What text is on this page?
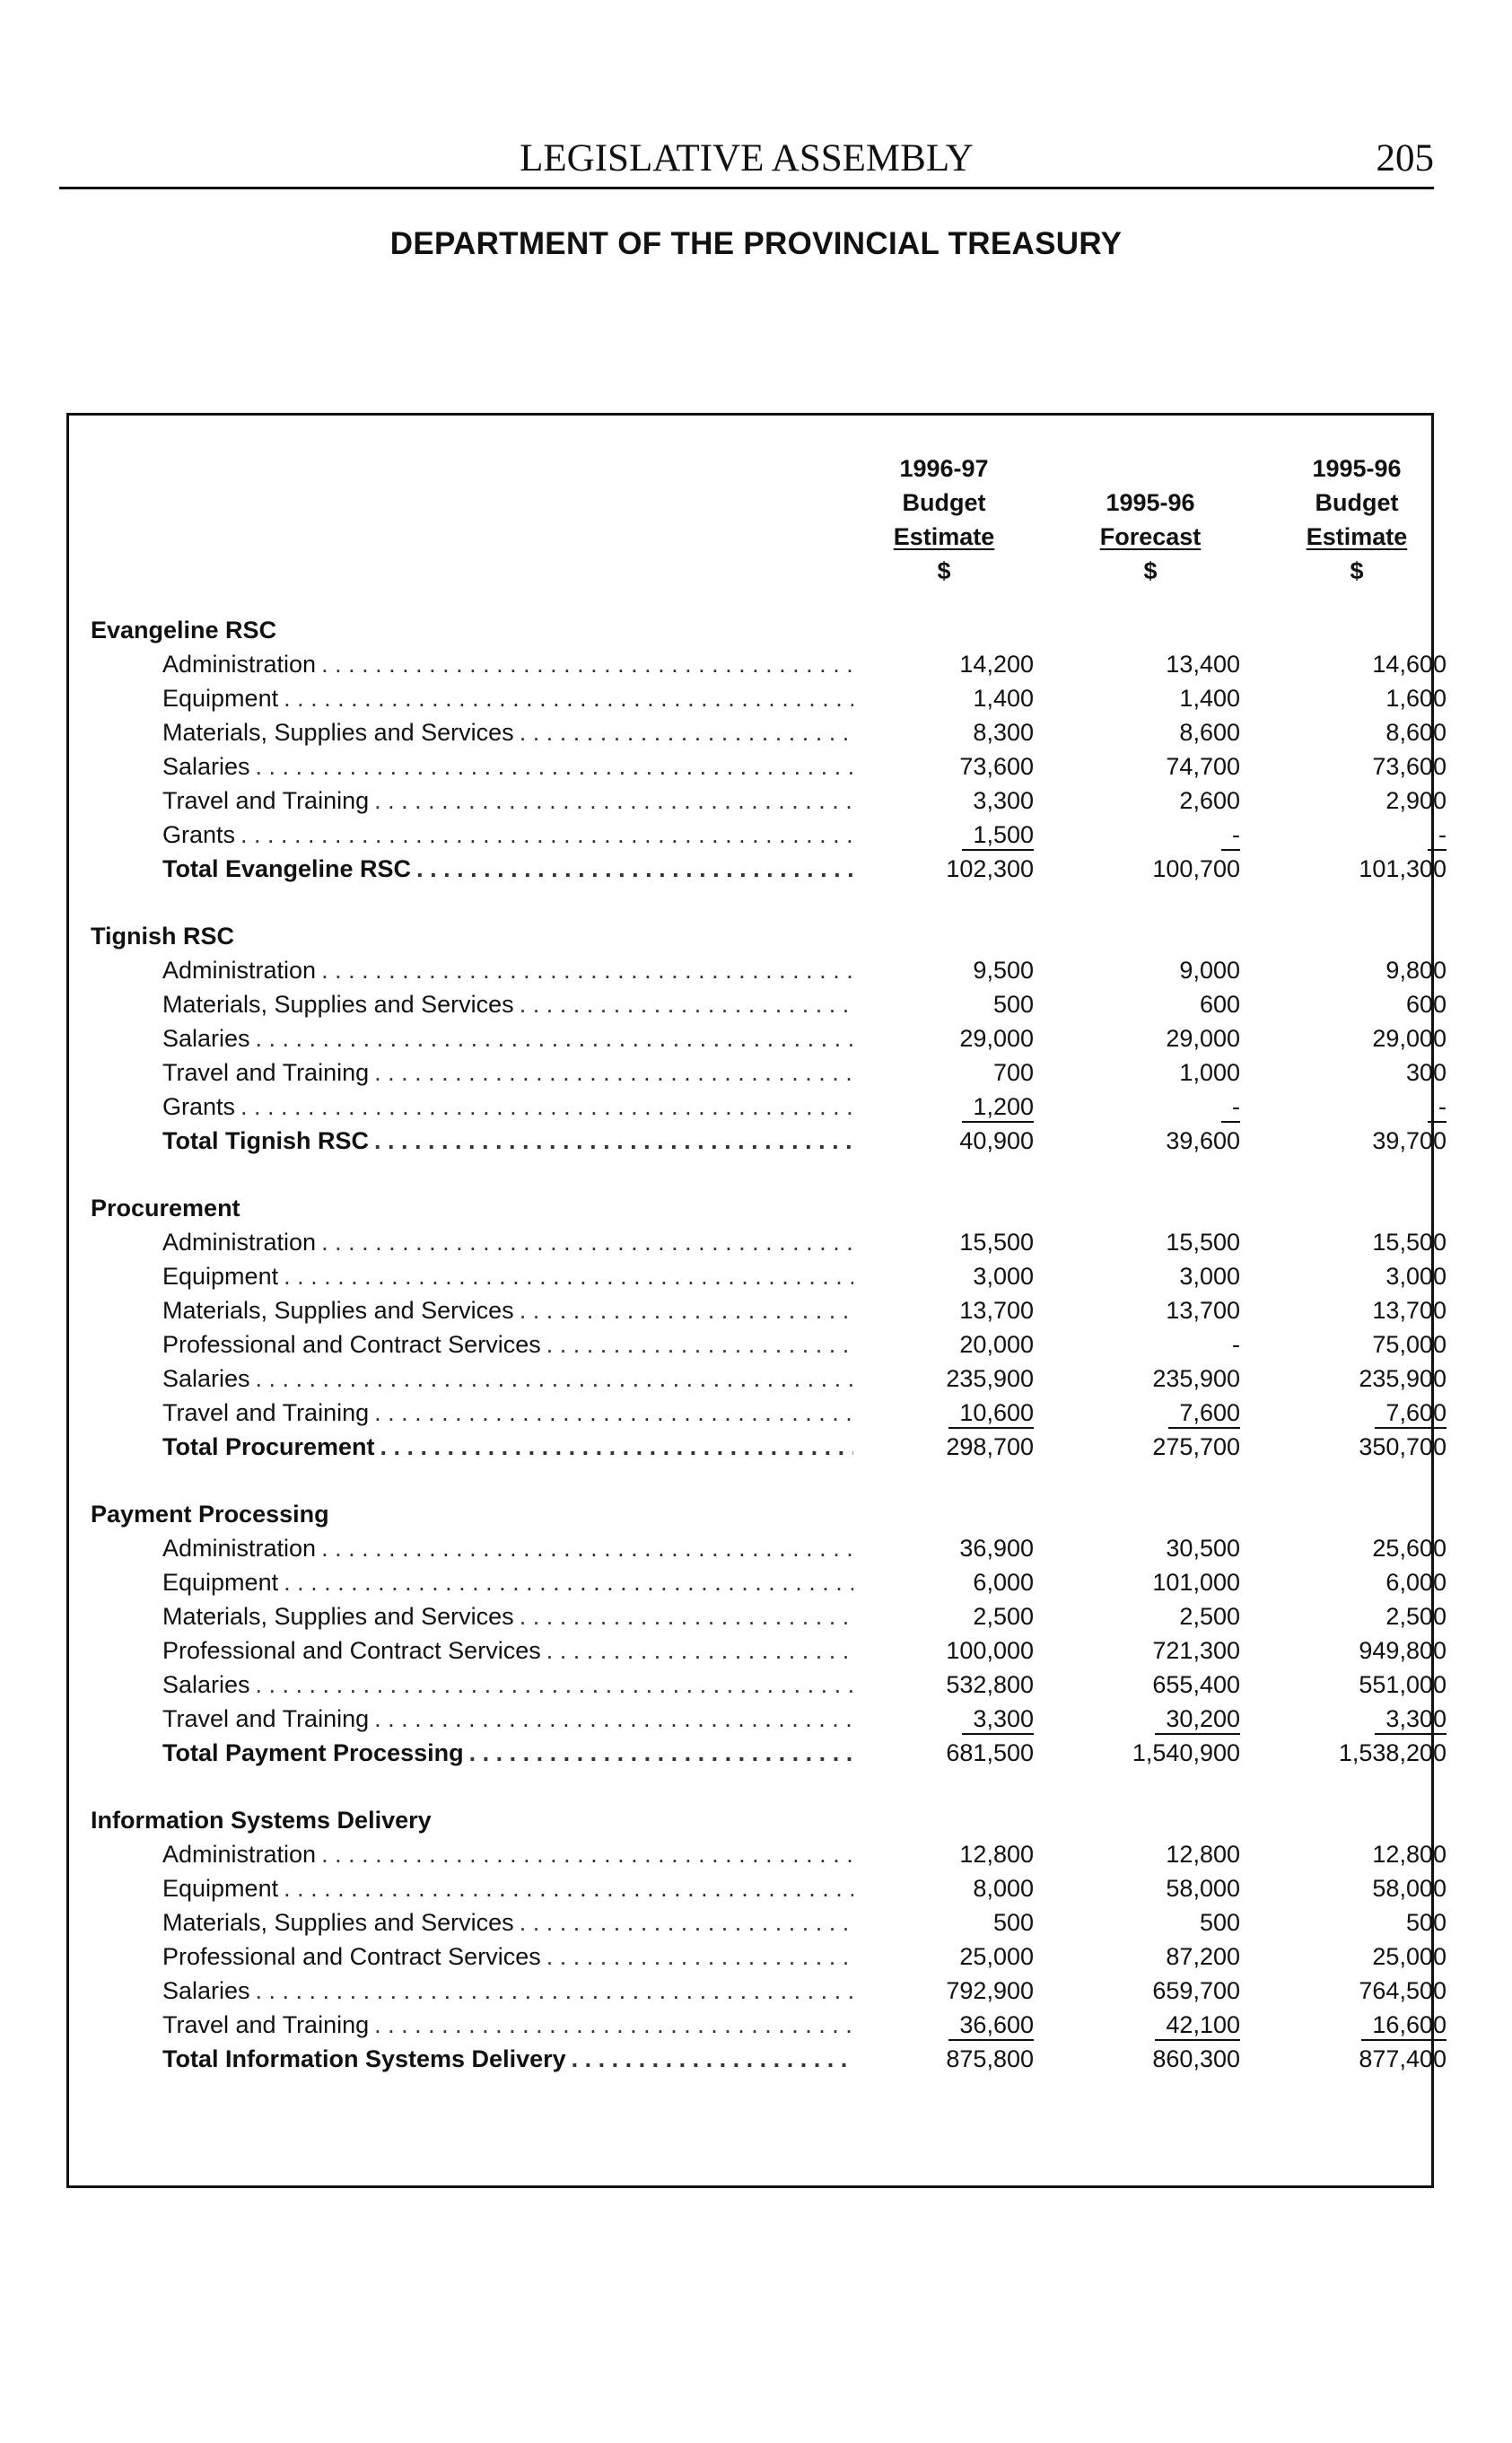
LEGISLATIVE ASSEMBLY	205
DEPARTMENT OF THE PROVINCIAL TREASURY
1996-97
Budget
Estimate
$
1995-96
Forecast
$
1995-96
Budget
Estimate
$
Evangeline RSC
Administration . . .	14,200	13,400	14,600
Equipment . . .	1,400	1,400	1,600
Materials, Supplies and Services . . .	8,300	8,600	8,600
Salaries . . .	73,600	74,700	73,600
Travel and Training . . .	3,300	2,600	2,900
Grants . . .	1,500	-	-
Total Evangeline RSC . . .	102,300	100,700	101,300
Tignish RSC
Administration . . .	9,500	9,000	9,800
Materials, Supplies and Services . . .	500	600	600
Salaries . . .	29,000	29,000	29,000
Travel and Training . . .	700	1,000	300
Grants . . .	1,200	-	-
Total Tignish RSC . . .	40,900	39,600	39,700
Procurement
Administration . . .	15,500	15,500	15,500
Equipment . . .	3,000	3,000	3,000
Materials, Supplies and Services . . .	13,700	13,700	13,700
Professional and Contract Services . . .	20,000	-	75,000
Salaries . . .	235,900	235,900	235,900
Travel and Training . . .	10,600	7,600	7,600
Total Procurement . . .	298,700	275,700	350,700
Payment Processing
Administration . . .	36,900	30,500	25,600
Equipment . . .	6,000	101,000	6,000
Materials, Supplies and Services . . .	2,500	2,500	2,500
Professional and Contract Services . . .	100,000	721,300	949,800
Salaries . . .	532,800	655,400	551,000
Travel and Training . . .	3,300	30,200	3,300
Total Payment Processing . . .	681,500	1,540,900	1,538,200
Information Systems Delivery
Administration . . .	12,800	12,800	12,800
Equipment . . .	8,000	58,000	58,000
Materials, Supplies and Services . . .	500	500	500
Professional and Contract Services . . .	25,000	87,200	25,000
Salaries . . .	792,900	659,700	764,500
Travel and Training . . .	36,600	42,100	16,600
Total Information Systems Delivery . . .	875,800	860,300	877,400
